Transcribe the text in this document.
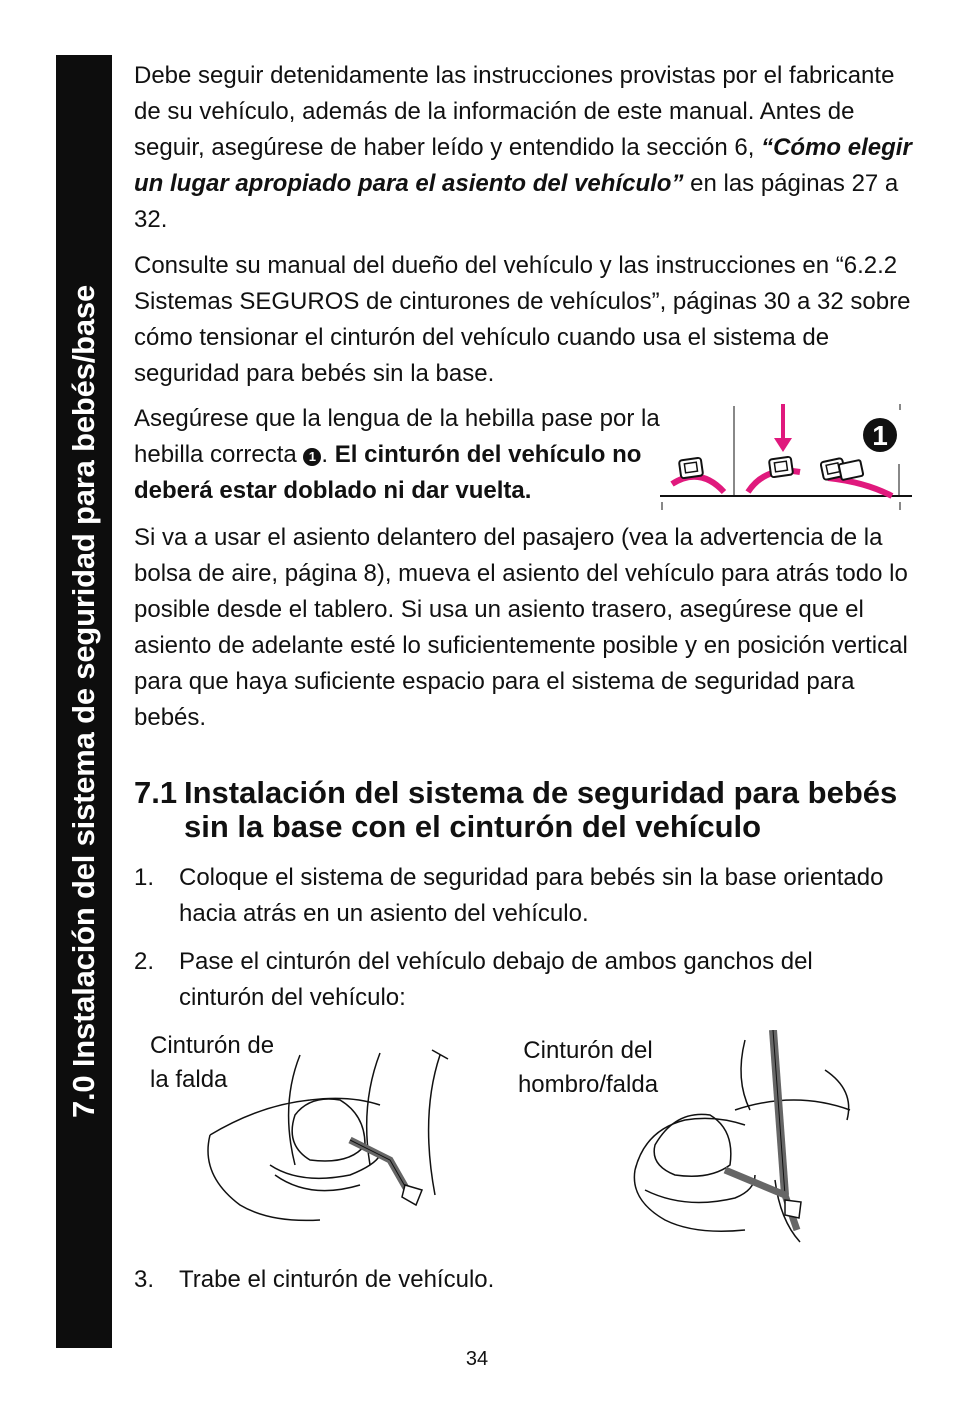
7.0 Instalación del sistema de seguridad para bebés/base

Debe seguir detenidamente las instrucciones provistas por el fabricante de su vehículo, además de la información de este manual. Antes de seguir, asegúrese de haber leído y entendido la sección 6, “Cómo elegir un lugar apropiado para el asiento del vehículo” en las páginas 27 a 32.

Consulte su manual del dueño del vehículo y las instrucciones en “6.2.2 Sistemas SEGUROS de cinturones de vehículos”, páginas 30 a 32 sobre cómo tensionar el cinturón del vehículo cuando usa el sistema de seguridad para bebés sin la base.

Asegúrese que la lengua de la hebilla pase por la hebilla correcta 1 . El cinturón del vehículo no deberá estar doblado ni dar vuelta.

1

Si va a usar el asiento delantero del pasajero (vea la advertencia de la bolsa de aire, página 8), mueva el asiento del vehículo para atrás todo lo posible desde el tablero. Si usa un asiento trasero, asegúrese que el asiento de adelante esté lo suficientemente posible y en posición vertical para que haya suficiente espacio para el sistema de seguridad para bebés.

7.1 Instalación del sistema de seguridad para bebés
sin la base con el cinturón del vehículo
1. Coloque el sistema de seguridad para bebés sin la base orientado hacia atrás en un asiento del vehículo.
2. Pase el cinturón del vehículo debajo de ambos ganchos del cinturón del vehículo:
Cinturón de
la falda
Cinturón del
hombro/falda
3. Trabe el cinturón de vehículo.
34
